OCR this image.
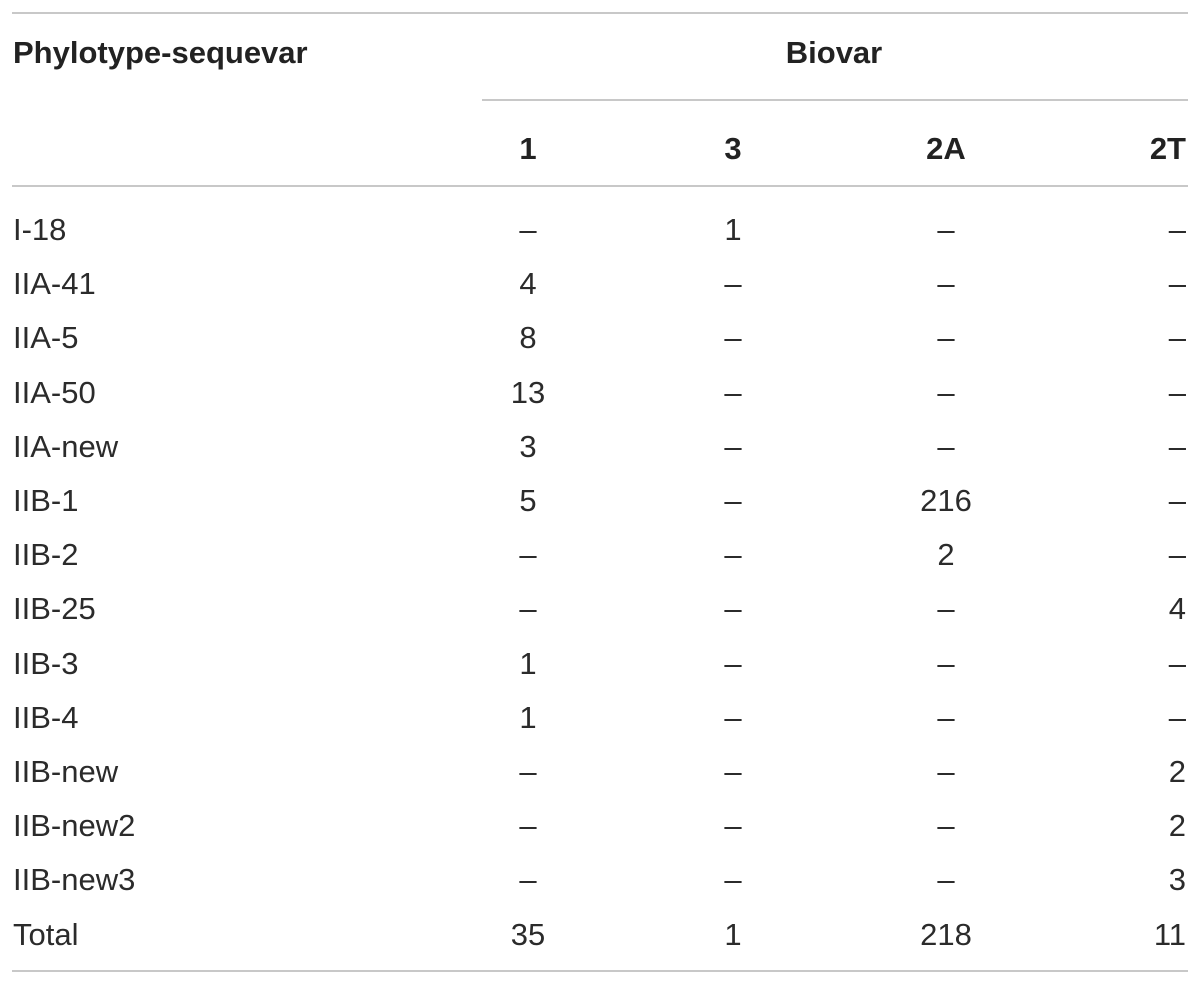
Phylotype-sequevar	Biovar
1	3	2A	2T
I-18	–	1	–	–
IIA-41	4	–	–	–
IIA-5	8	–	–	–
IIA-50	13	–	–	–
IIA-new	3	–	–	–
IIB-1	5	–	216	–
IIB-2	–	–	2	–
IIB-25	–	–	–	4
IIB-3	1	–	–	–
IIB-4	1	–	–	–
IIB-new	–	–	–	2
IIB-new2	–	–	–	2
IIB-new3	–	–	–	3
Total	35	1	218	11
